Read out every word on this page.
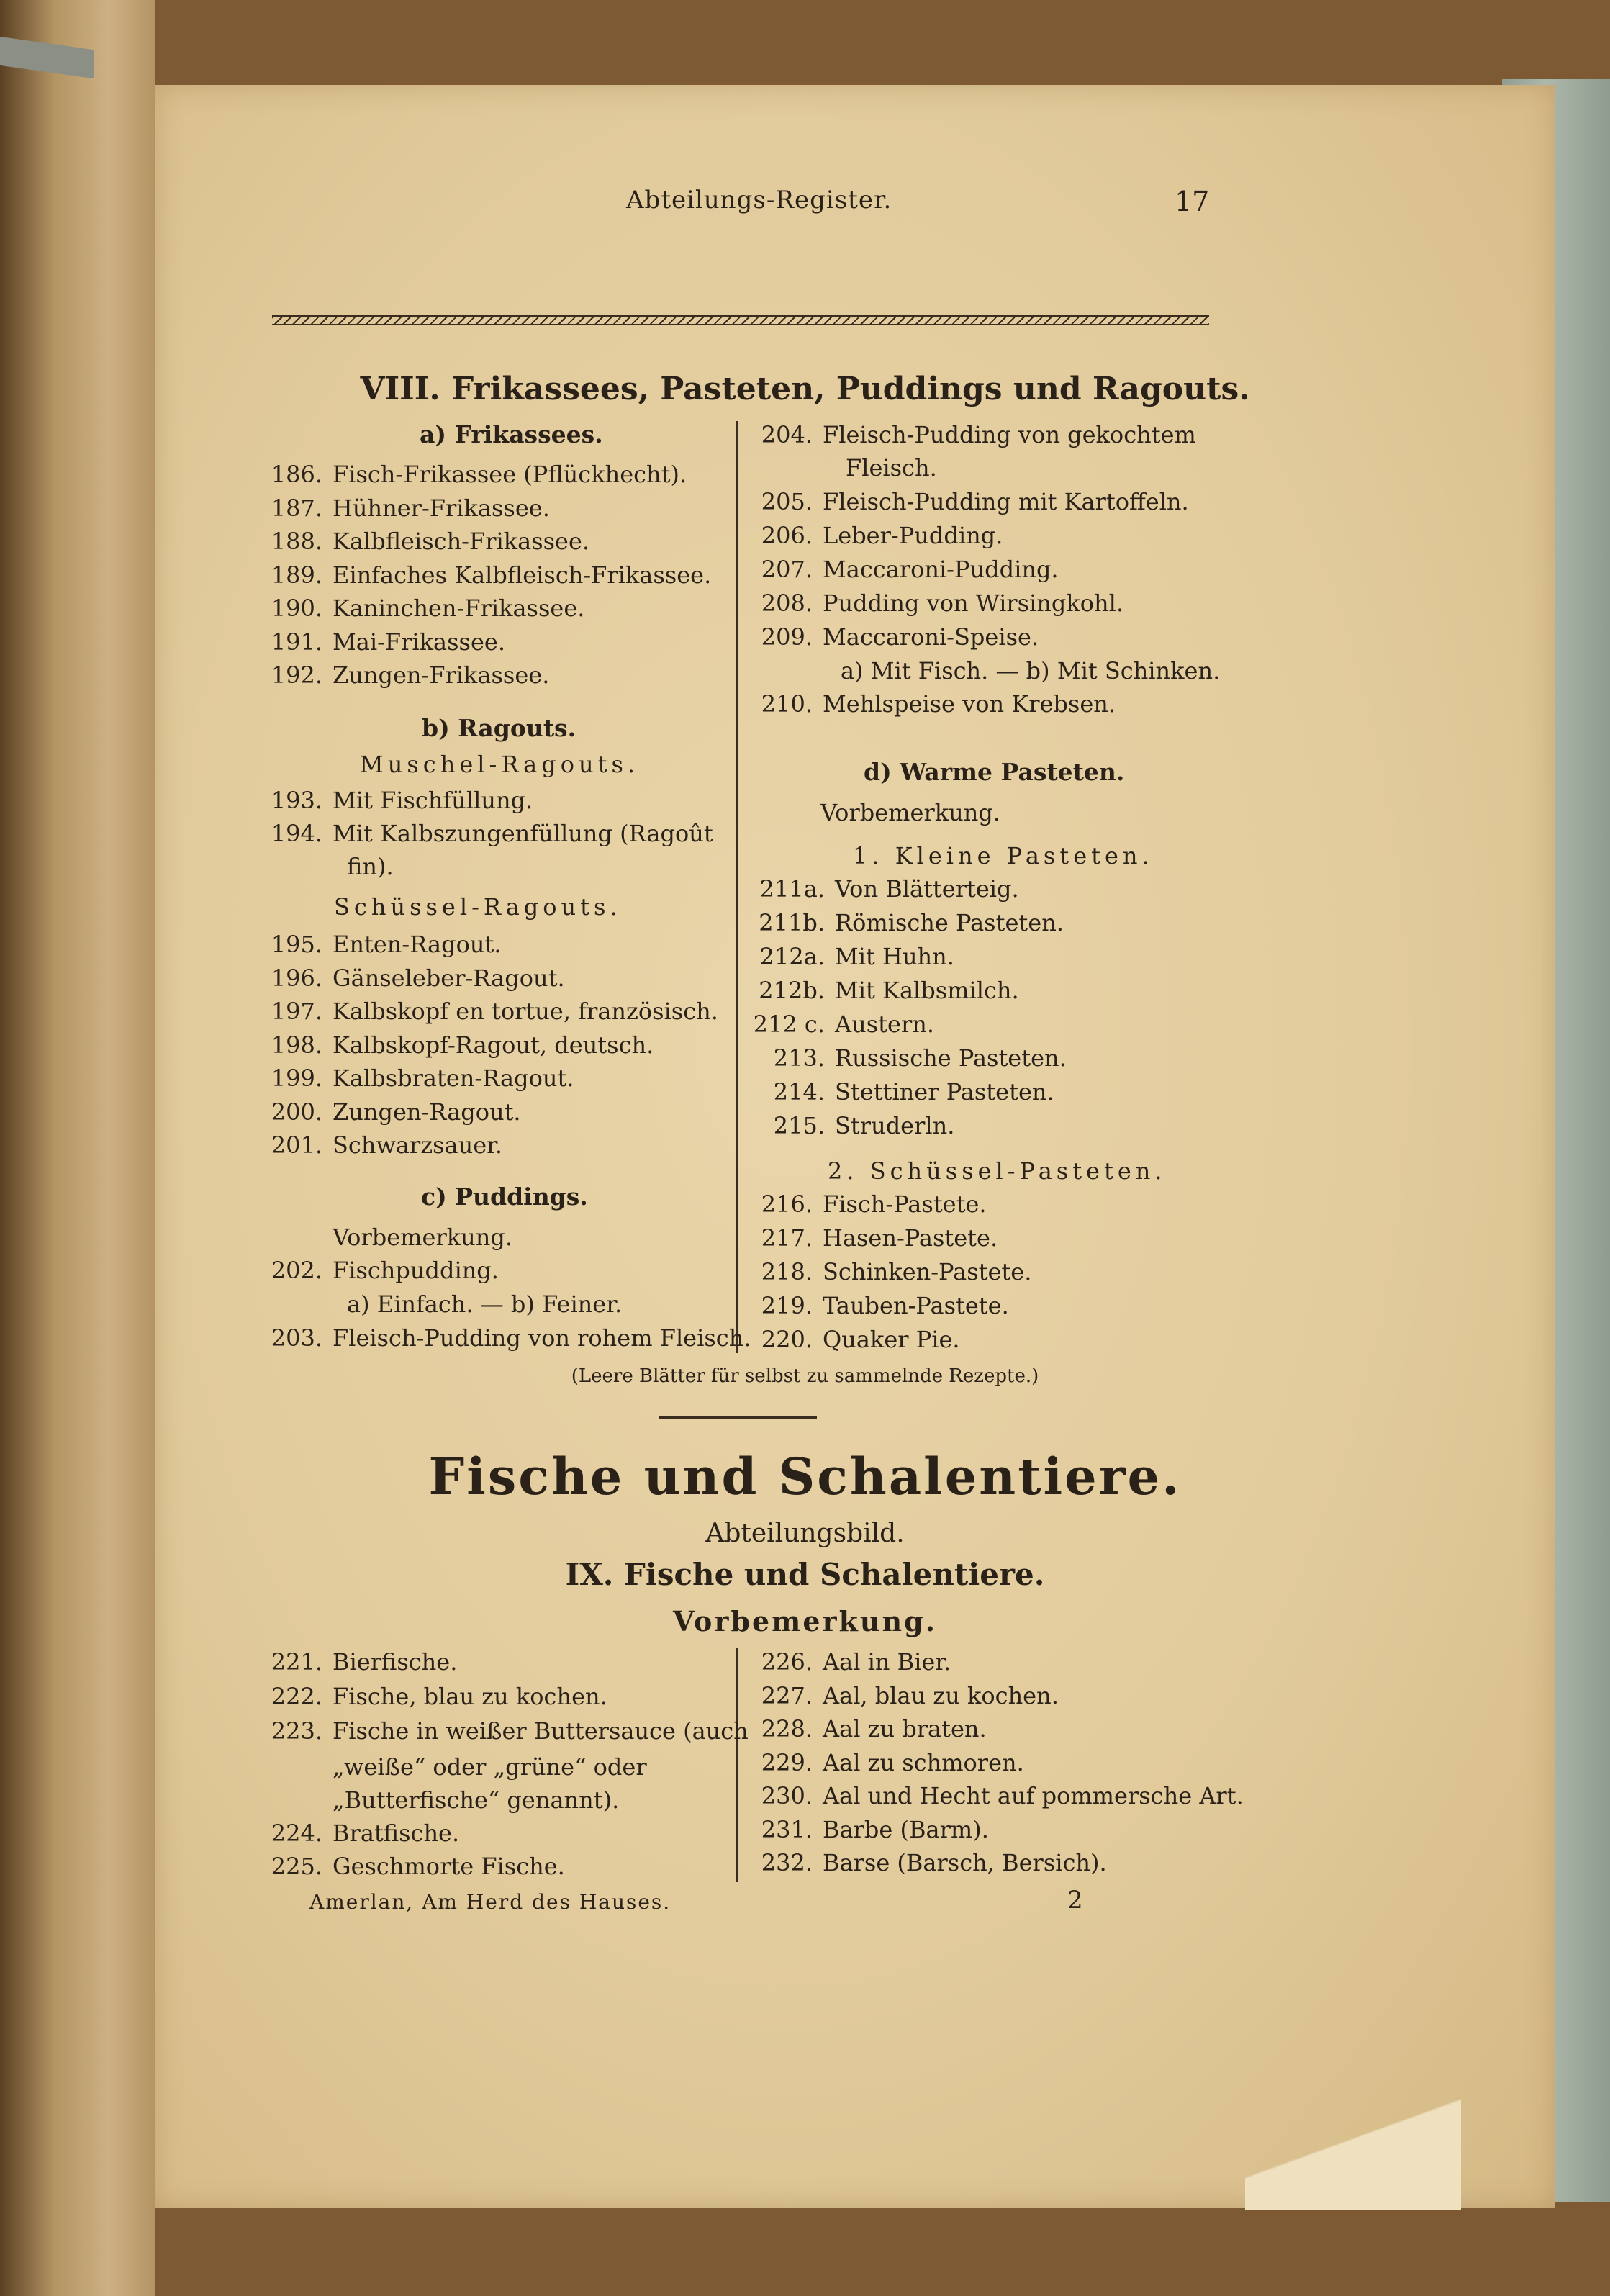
Abteilungs-Register.	17
VIII. Frikassees, Pasteten, Puddings und Ragouts.
a) Frikassees.
186. Fisch-Frikassee (Pflückhecht).
187. Hühner-Frikassee.
188. Kalbfleisch-Frikassee.
189. Einfaches Kalbfleisch-Frikassee.
190. Kaninchen-Frikassee.
191. Mai-Frikassee.
192. Zungen-Frikassee.
b) Ragouts.
Muschel-Ragouts.
193. Mit Fischfüllung.
194. Mit Kalbszungenfüllung (Ragoût
fin).
Schüssel-Ragouts.
195. Enten-Ragout.
196. Gänseleber-Ragout.
197. Kalbskopf en tortue, französisch.
198. Kalbskopf-Ragout, deutsch.
199. Kalbsbraten-Ragout.
200. Zungen-Ragout.
201. Schwarzsauer.
c) Puddings.
Vorbemerkung.
202. Fischpudding.
a) Einfach. — b) Feiner.
203. Fleisch-Pudding von rohem Fleisch.
204. Fleisch-Pudding von gekochtem
Fleisch.
205. Fleisch-Pudding mit Kartoffeln.
206. Leber-Pudding.
207. Maccaroni-Pudding.
208. Pudding von Wirsingkohl.
209. Maccaroni-Speise.
a) Mit Fisch. — b) Mit Schinken.
210. Mehlspeise von Krebsen.
d) Warme Pasteten.
Vorbemerkung.
1. Kleine Pasteten.
211a. Von Blätterteig.
211b. Römische Pasteten.
212a. Mit Huhn.
212b. Mit Kalbsmilch.
212 c. Austern.
213. Russische Pasteten.
214. Stettiner Pasteten.
215. Struderln.
2. Schüssel-Pasteten.
216. Fisch-Pastete.
217. Hasen-Pastete.
218. Schinken-Pastete.
219. Tauben-Pastete.
220. Quaker Pie.
(Leere Blätter für selbst zu sammelnde Rezepte.)
Fische und Schalentiere.
Abteilungsbild.
IX. Fische und Schalentiere.
Vorbemerkung.
221. Bierfische.
222. Fische, blau zu kochen.
223. Fische in weißer Buttersauce (auch
„weiße“ oder „grüne“ oder
„Butterfische“ genannt).
224. Bratfische.
225. Geschmorte Fische.
226. Aal in Bier.
227. Aal, blau zu kochen.
228. Aal zu braten.
229. Aal zu schmoren.
230. Aal und Hecht auf pommersche Art.
231. Barbe (Barm).
232. Barse (Barsch, Bersich).
Amerlan, Am Herd des Hauses.	2
